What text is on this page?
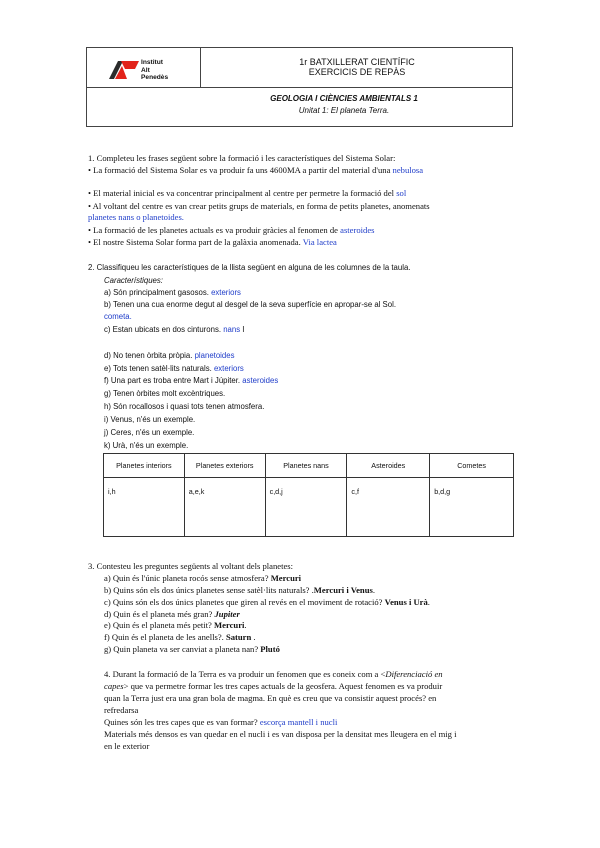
Institut
Alt
Penedès
1r BATXILLERAT CIENTÍFIC
EXERCICIS DE REPÀS
GEOLOGIA I CIÈNCIES AMBIENTALS 1
Unitat 1: El planeta Terra.
1. Completeu les frases següent sobre la formació i les característiques del Sistema Solar:
• La formació del Sistema Solar es va produir fa uns 4600MA a partir del material d'una nebulosa
• El material inicial es va concentrar principalment al centre per permetre la formació del sol
• Al voltant del centre es van crear petits grups de materials, en forma de petits planetes, anomenats
planetes nans o planetoides.
• La formació de les planetes actuals es va produir gràcies al fenomen de asteroides
• El nostre Sistema Solar forma part de la galàxia anomenada. Via lactea
2. Classifiqueu les característiques de la llista següent en alguna de les columnes de la taula.
Característiques:
a) Són principalment gasosos. exteriors
b) Tenen una cua enorme degut al desgel de la seva superfície en apropar-se al Sol.
cometa.
c) Estan ubicats en dos cinturons. nans I
d) No tenen òrbita pròpia. planetoides
e) Tots tenen satèl·lits naturals. exteriors
f) Una part es troba entre Mart i Júpiter. asteroides
g) Tenen òrbites molt excèntriques.
h) Són rocallosos i quasi tots tenen atmosfera.
i) Venus, n'és un exemple.
j) Ceres, n'és un exemple.
k) Urà, n'és un exemple.
Planetes interiors	Planetes exteriors	Planetes nans	Asteroides	Cometes
i,h	a,e,k	c,d,j	c,f	b,d,g
3. Contesteu les preguntes següents al voltant dels planetes:
a) Quin és l'únic planeta rocós sense atmosfera? Mercuri
b) Quins són els dos únics planetes sense satèl·lits naturals? .Mercuri i Venus.
c) Quins són els dos únics planetes que giren al revés en el moviment de rotació? Venus i Urà.
d) Quin és el planeta més gran? Jupiter
e) Quin és el planeta més petit? Mercuri.
f) Quin és el planeta de les anells?. Saturn .
g) Quin planeta va ser canviat a planeta nan? Plutó
4. Durant la formació de la Terra es va produir un fenomen que es coneix com a <Diferenciació en
capes> que va permetre formar les tres capes actuals de la geosfera. Aquest fenomen es va produir
quan la Terra just era una gran bola de magma. En què es creu que va consistir aquest procés? en
refredarsa
Quines són les tres capes que es van formar? escorça mantell i nucli
Materials més densos es van quedar en el nucli i es van disposa per la densitat mes lleugera en el mig i
en le exterior
